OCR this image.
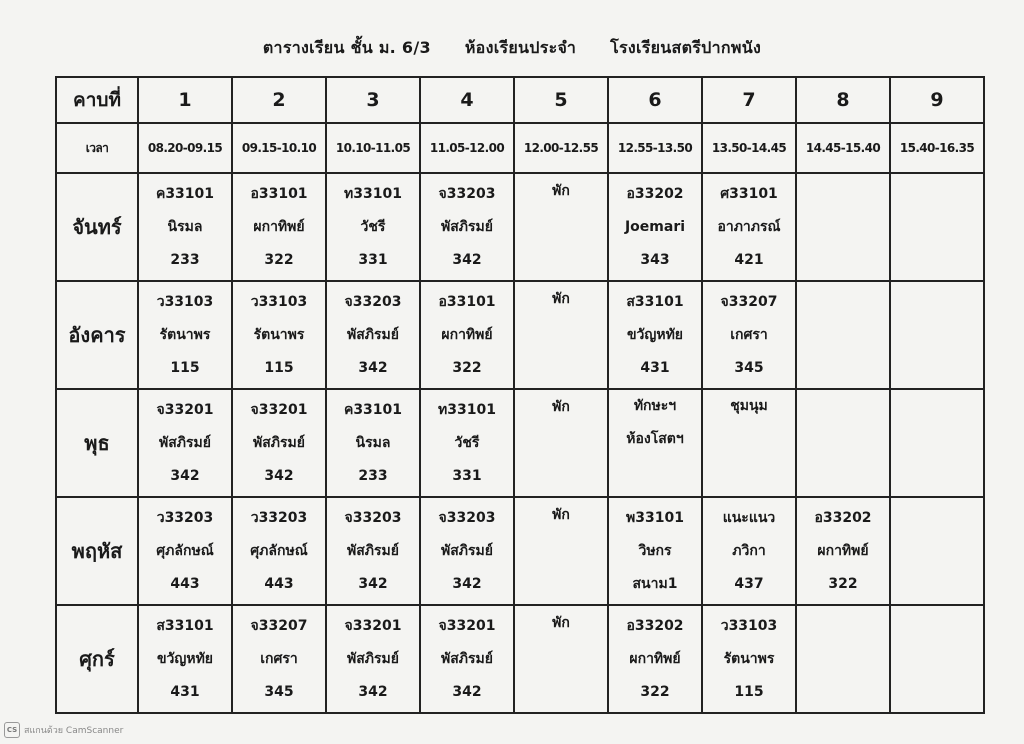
ตารางเรียน ชั้น ม. 6/3 ห้องเรียนประจำ โรงเรียนสตรีปากพนัง
คาบที่	1	2	3	4	5	6	7	8	9
เวลา	08.20-09.15	09.15-10.10	10.10-11.05	11.05-12.00	12.00-12.55	12.55-13.50	13.50-14.45	14.45-15.40	15.40-16.35
จันทร์	ค33101
นิรมล
233	อ33101
ผกาทิพย์
322	ท33101
วัชรี
331	จ33203
พัสภิรมย์
342	พัก	อ33202
Joemari
343	ศ33101
อาภาภรณ์
421		

อังคาร	ว33103
รัตนาพร
115	ว33103
รัตนาพร
115	จ33203
พัสภิรมย์
342	อ33101
ผกาทิพย์
322	พัก	ส33101
ขวัญหทัย
431	จ33207
เกศรา
345		

พุธ	จ33201
พัสภิรมย์
342	จ33201
พัสภิรมย์
342	ค33101
นิรมล
233	ท33101
วัชรี
331	พัก	ทักษะฯ
ห้องโสตฯ	ชุมนุม		

พฤหัส	ว33203
ศุภลักษณ์
443	ว33203
ศุภลักษณ์
443	จ33203
พัสภิรมย์
342	จ33203
พัสภิรมย์
342	พัก	พ33101
วิษกร
สนาม1	แนะแนว
ภวิกา
437	อ33202
ผกาทิพย์
322	

ศุกร์	ส33101
ขวัญหทัย
431	จ33207
เกศรา
345	จ33201
พัสภิรมย์
342	จ33201
พัสภิรมย์
342	พัก	อ33202
ผกาทิพย์
322	ว33103
รัตนาพร
115		

CS สแกนด้วย CamScanner
